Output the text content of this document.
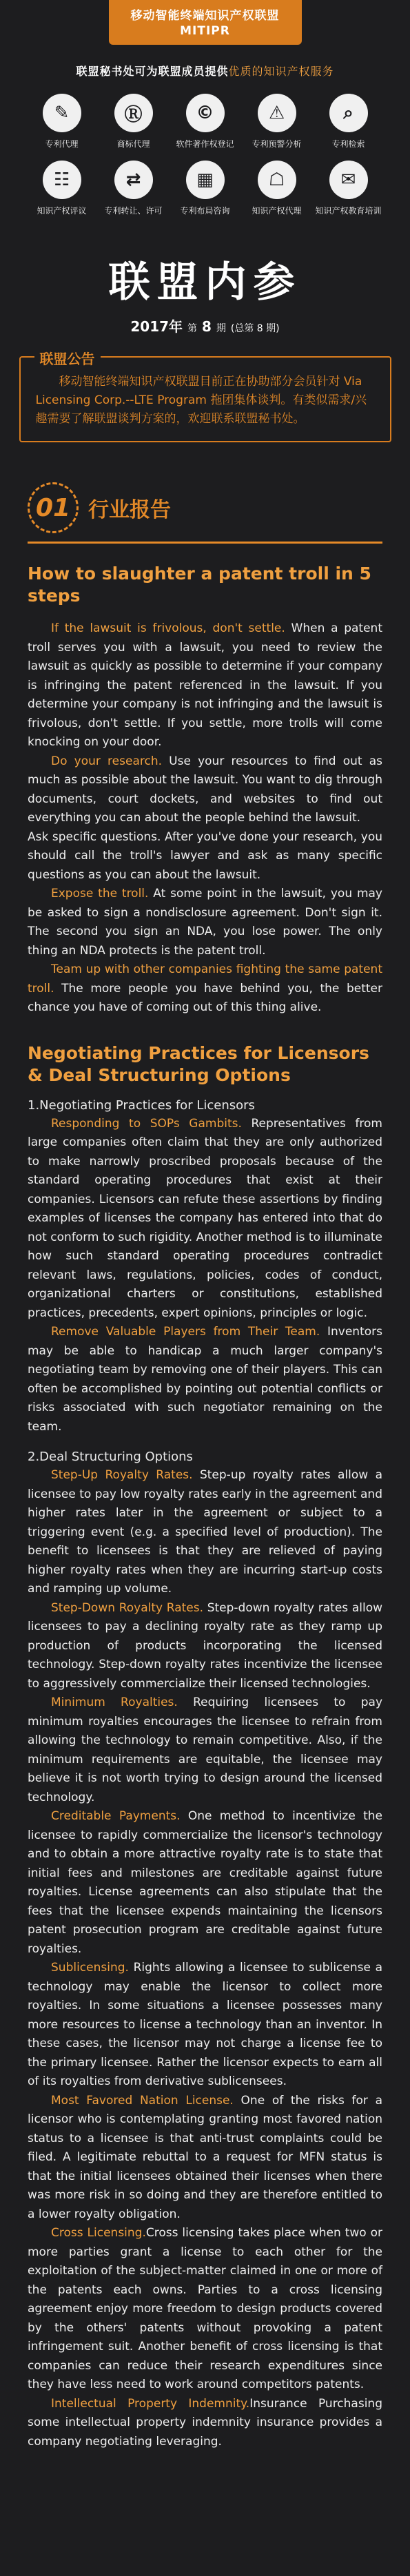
移动智能终端知识产权联盟
MITIPR
联盟秘书处可为联盟成员提供优质的知识产权服务
✎
专利代理
Ⓡ
商标代理
©
软件著作权登记
⚠
专利预警分析
⌕
专利检索
☷
知识产权评议
⇄
专利转让、许可
▦
专利布局咨询
☖
知识产权代理
✉
知识产权教育培训
联盟内参
2017年 第 8 期 (总第 8 期)
联盟公告

移动智能终端知识产权联盟目前正在协助部分会员针对 Via Licensing Corp.--LTE Program 拖团集体谈判。有类似需求/兴趣需要了解联盟谈判方案的，欢迎联系联盟秘书处。

01 行业报告
How to slaughter a patent troll in 5 steps

If the lawsuit is frivolous, don't settle. When a patent troll serves you with a lawsuit, you need to review the lawsuit as quickly as possible to determine if your company is infringing the patent referenced in the lawsuit. If you determine your company is not infringing and the lawsuit is frivolous, don't settle. If you settle, more trolls will come knocking on your door.

Do your research. Use your resources to find out as much as possible about the lawsuit. You want to dig through documents, court dockets, and websites to find out everything you can about the people behind the lawsuit.

Ask specific questions. After you've done your research, you should call the troll's lawyer and ask as many specific questions as you can about the lawsuit.

Expose the troll. At some point in the lawsuit, you may be asked to sign a nondisclosure agreement. Don't sign it. The second you sign an NDA, you lose power. The only thing an NDA protects is the patent troll.

Team up with other companies fighting the same patent troll. The more people you have behind you, the better chance you have of coming out of this thing alive.

Negotiating Practices for Licensors & Deal Structuring Options
1.Negotiating Practices for Licensors

Responding to SOPs Gambits. Representatives from large companies often claim that they are only authorized to make narrowly proscribed proposals because of the standard operating procedures that exist at their companies. Licensors can refute these assertions by finding examples of licenses the company has entered into that do not conform to such rigidity. Another method is to illuminate how such standard operating procedures contradict relevant laws, regulations, policies, codes of conduct, organizational charters or constitutions, established practices, precedents, expert opinions, principles or logic.

Remove Valuable Players from Their Team. Inventors may be able to handicap a much larger company's negotiating team by removing one of their players. This can often be accomplished by pointing out potential conflicts or risks associated with such negotiator remaining on the team.

2.Deal Structuring Options

Step-Up Royalty Rates. Step-up royalty rates allow a licensee to pay low royalty rates early in the agreement and higher rates later in the agreement or subject to a triggering event (e.g. a specified level of production). The benefit to licensees is that they are relieved of paying higher royalty rates when they are incurring start-up costs and ramping up volume.

Step-Down Royalty Rates. Step-down royalty rates allow licensees to pay a declining royalty rate as they ramp up production of products incorporating the licensed technology. Step-down royalty rates incentivize the licensee to aggressively commercialize their licensed technologies.

Minimum Royalties. Requiring licensees to pay minimum royalties encourages the licensee to refrain from allowing the technology to remain competitive. Also, if the minimum requirements are equitable, the licensee may believe it is not worth trying to design around the licensed technology.

Creditable Payments. One method to incentivize the licensee to rapidly commercialize the licensor's technology and to obtain a more attractive royalty rate is to state that initial fees and milestones are creditable against future royalties. License agreements can also stipulate that the fees that the licensee expends maintaining the licensors patent prosecution program are creditable against future royalties.

Sublicensing. Rights allowing a licensee to sublicense a technology may enable the licensor to collect more royalties. In some situations a licensee possesses many more resources to license a technology than an inventor. In these cases, the licensor may not charge a license fee to the primary licensee. Rather the licensor expects to earn all of its royalties from derivative sublicensees.

Most Favored Nation License. One of the risks for a licensor who is contemplating granting most favored nation status to a licensee is that anti-trust complaints could be filed. A legitimate rebuttal to a request for MFN status is that the initial licensees obtained their licenses when there was more risk in so doing and they are therefore entitled to a lower royalty obligation.

Cross Licensing.Cross licensing takes place when two or more parties grant a license to each other for the exploitation of the subject-matter claimed in one or more of the patents each owns. Parties to a cross licensing agreement enjoy more freedom to design products covered by the others' patents without provoking a patent infringement suit. Another benefit of cross licensing is that companies can reduce their research expenditures since they have less need to work around competitors patents.

Intellectual Property Indemnity.Insurance Purchasing some intellectual property indemnity insurance provides a company negotiating leveraging.
